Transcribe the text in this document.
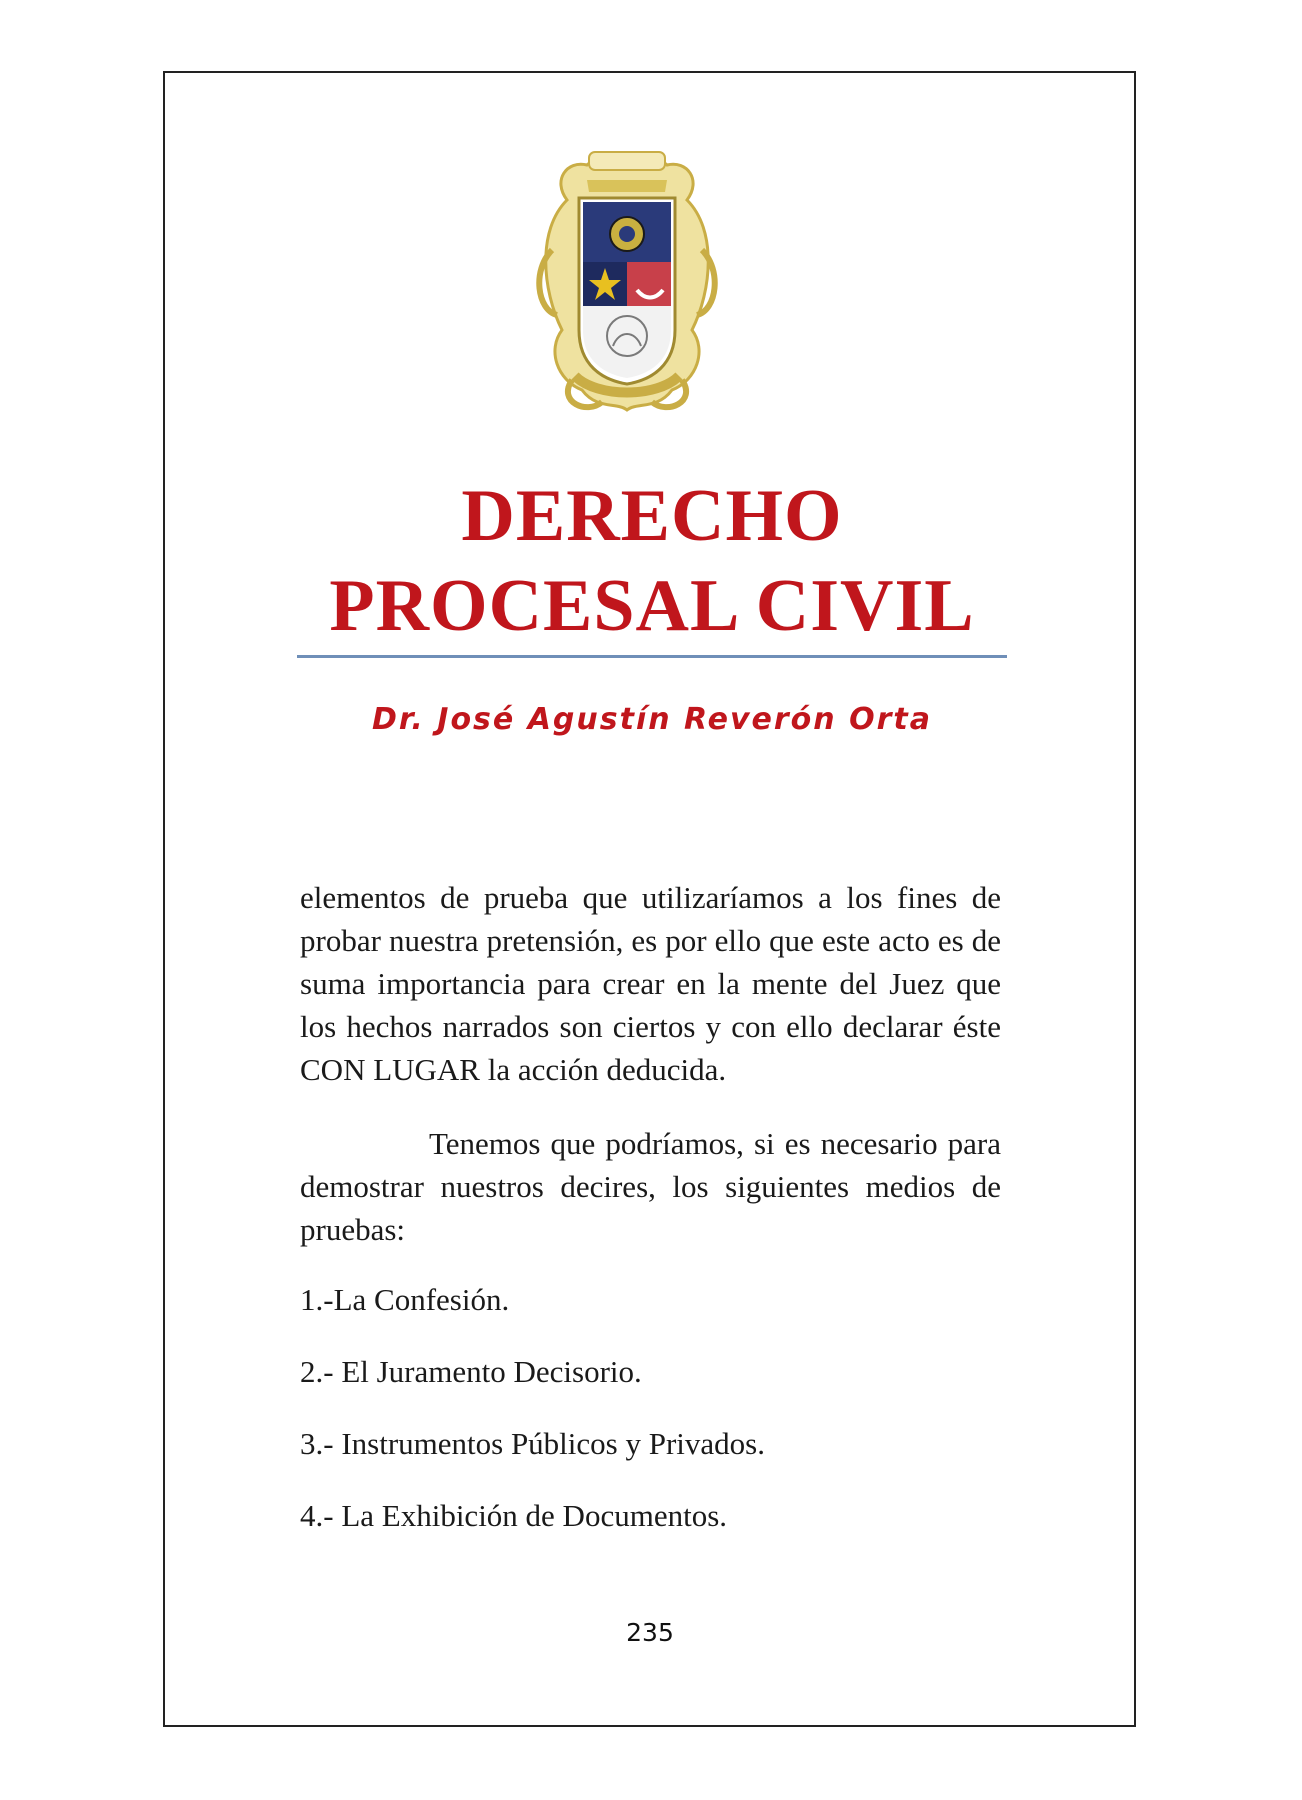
DERECHO
PROCESAL CIVIL
Dr. José Agustín Reverón Orta

elementos de prueba que utilizaríamos a los fines de probar nuestra pretensión, es por ello que este acto es de suma importancia para crear en la mente del Juez que los hechos narrados son ciertos y con ello declarar éste CON LUGAR la acción deducida.

Tenemos que podríamos, si es necesario para demostrar nuestros decires, los siguientes medios de pruebas:

1.-La Confesión.

2.- El Juramento Decisorio.

3.- Instrumentos Públicos y Privados.

4.- La Exhibición de Documentos.

235
